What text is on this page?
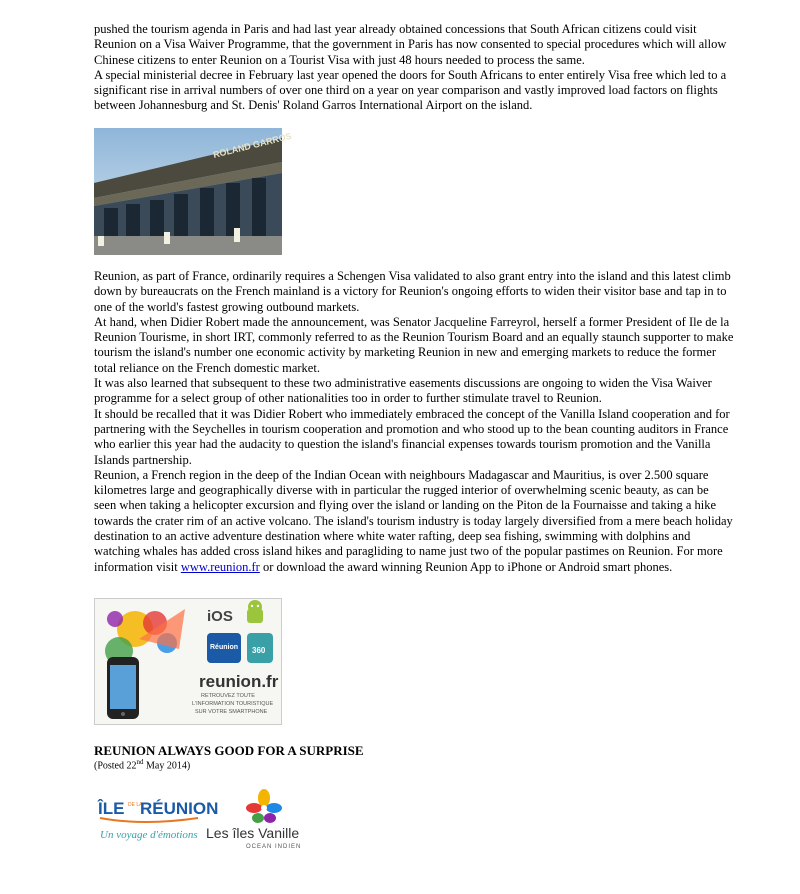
pushed the tourism agenda in Paris and had last year already obtained concessions that South African citizens could visit Reunion on a Visa Waiver Programme, that the government in Paris has now consented to special procedures which will allow Chinese citizens to enter Reunion on a Tourist Visa with just 48 hours needed to process the same.

A special ministerial decree in February last year opened the doors for South Africans to enter entirely Visa free which led to a significant rise in arrival numbers of over one third on a year on year comparison and vastly improved load factors on flights between Johannesburg and St. Denis' Roland Garros International Airport on the island.

ROLAND GARROS

Reunion, as part of France, ordinarily requires a Schengen Visa validated to also grant entry into the island and this latest climb down by bureaucrats on the French mainland is a victory for Reunion's ongoing efforts to widen their visitor base and tap in to one of the world's fastest growing outbound markets.

At hand, when Didier Robert made the announcement, was Senator Jacqueline Farreyrol, herself a former President of Ile de la Reunion Tourisme, in short IRT, commonly referred to as the Reunion Tourism Board and an equally staunch supporter to make tourism the island's number one economic activity by marketing Reunion in new and emerging markets to reduce the former total reliance on the French domestic market.

It was also learned that subsequent to these two administrative easements discussions are ongoing to widen the Visa Waiver programme for a select group of other nationalities too in order to further stimulate travel to Reunion.

It should be recalled that it was Didier Robert who immediately embraced the concept of the Vanilla Island cooperation and for partnering with the Seychelles in tourism cooperation and promotion and who stood up to the bean counting auditors in France who earlier this year had the audacity to question the island's financial expenses towards tourism promotion and the Vanilla Islands partnership.

Reunion, a French region in the deep of the Indian Ocean with neighbours Madagascar and Mauritius, is over 2.500 square kilometres large and geographically diverse with in particular the rugged interior of overwhelming scenic beauty, as can be seen when taking a helicopter excursion and flying over the island or landing on the Piton de la Fournaisse and taking a hike towards the crater rim of an active volcano. The island's tourism industry is today largely diversified from a mere beach holiday destination to an active adventure destination where white water rafting, deep sea fishing, swimming with dolphins and watching whales has added cross island hikes and paragliding to name just two of the popular pastimes on Reunion. For more information visit www.reunion.fr or download the award winning Reunion App to iPhone or Android smart phones.

iOS
Réunion 360
reunion.fr
RETROUVEZ TOUTE
L'INFORMATION TOURISTIQUE
SUR VOTRE SMARTPHONE
REUNION ALWAYS GOOD FOR A SURPRISE
(Posted 22nd May 2014)
ÎLE DE LA
RÉUNION
Un voyage d'émotions Les îles Vanille
OCEAN INDIEN
